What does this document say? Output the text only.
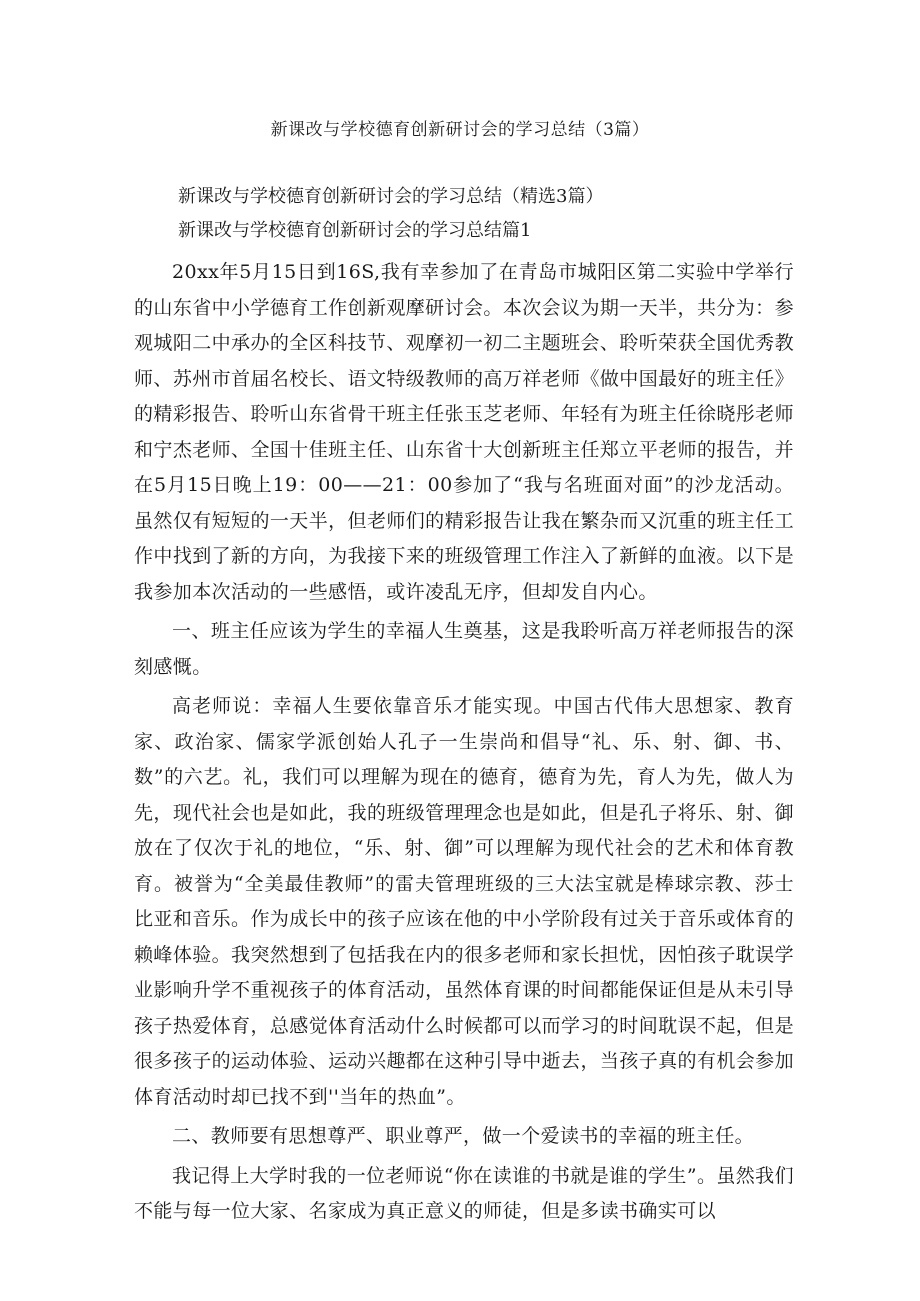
新课改与学校德育创新研讨会的学习总结（3篇）
新课改与学校德育创新研讨会的学习总结（精选3篇）
新课改与学校德育创新研讨会的学习总结篇1

20xx年5月15日到16S,我有幸参加了在青岛市城阳区第二实验中学举行的山东省中小学德育工作创新观摩研讨会。本次会议为期一天半，共分为：参观城阳二中承办的全区科技节、观摩初一初二主题班会、聆听荣获全国优秀教师、苏州市首届名校长、语文特级教师的高万祥老师《做中国最好的班主任》的精彩报告、聆听山东省骨干班主任张玉芝老师、年轻有为班主任徐晓彤老师和宁杰老师、全国十佳班主任、山东省十大创新班主任郑立平老师的报告，并在5月15日晚上19：00——21：00参加了“我与名班面对面”的沙龙活动。虽然仅有短短的一天半，但老师们的精彩报告让我在繁杂而又沉重的班主任工作中找到了新的方向，为我接下来的班级管理工作注入了新鲜的血液。以下是我参加本次活动的一些感悟，或许凌乱无序，但却发自内心。

一、班主任应该为学生的幸福人生奠基，这是我聆听高万祥老师报告的深刻感慨。

高老师说：幸福人生要依靠音乐才能实现。中国古代伟大思想家、教育家、政治家、儒家学派创始人孔子一生崇尚和倡导“礼、乐、射、御、书、数”的六艺。礼，我们可以理解为现在的德育，德育为先，育人为先，做人为先，现代社会也是如此，我的班级管理理念也是如此，但是孔子将乐、射、御放在了仅次于礼的地位，“乐、射、御”可以理解为现代社会的艺术和体育教育。被誉为“全美最佳教师”的雷夫管理班级的三大法宝就是棒球宗教、莎士比亚和音乐。作为成长中的孩子应该在他的中小学阶段有过关于音乐或体育的赖峰体验。我突然想到了包括我在内的很多老师和家长担忧，因怕孩子耽误学业影响升学不重视孩子的体育活动，虽然体育课的时间都能保证但是从未引导孩子热爱体育，总感觉体育活动什么时候都可以而学习的时间耽误不起，但是很多孩子的运动体验、运动兴趣都在这种引导中逝去，当孩子真的有机会参加体育活动时却已找不到''当年的热血”。

二、教师要有思想尊严、职业尊严，做一个爱读书的幸福的班主任。

我记得上大学时我的一位老师说“你在读谁的书就是谁的学生”。虽然我们不能与每一位大家、名家成为真正意义的师徒，但是多读书确实可以
